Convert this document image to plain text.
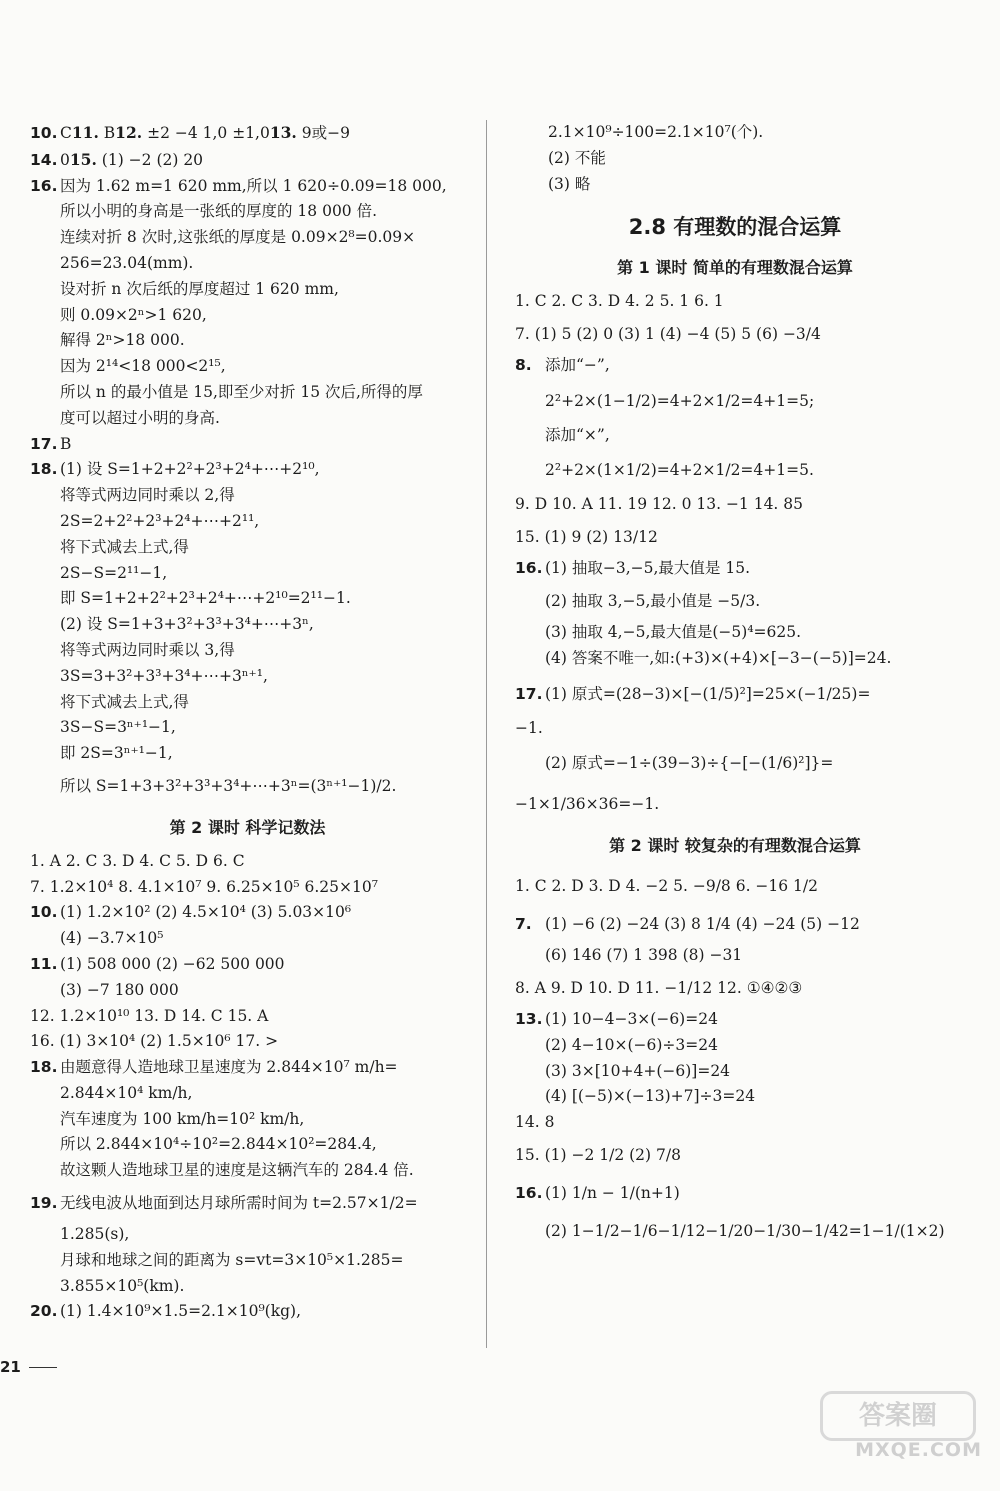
10. C 11.
B 12.
±2 −4 1,0 ±1,0 13.
9或−9
14. 0 15.
(1) −2 (2) 20
16. 因为 1.62 m=1 620 mm,所以 1 620÷0.09=18 000,
所以小明的身高是一张纸的厚度的 18 000 倍.
连续对折 8 次时,这张纸的厚度是 0.09×2⁸=0.09×
256=23.04(mm).
设对折 n 次后纸的厚度超过 1 620 mm,
则 0.09×2ⁿ>1 620,
解得 2ⁿ>18 000.
因为 2¹⁴<18 000<2¹⁵,
所以 n 的最小值是 15,即至少对折 15 次后,所得的厚
度可以超过小明的身高.
17. B
18. (1) 设 S=1+2+2²+2³+2⁴+⋯+2¹⁰,
将等式两边同时乘以 2,得
2S=2+2²+2³+2⁴+⋯+2¹¹,
将下式减去上式,得
2S−S=2¹¹−1,
即 S=1+2+2²+2³+2⁴+⋯+2¹⁰=2¹¹−1.
(2) 设 S=1+3+3²+3³+3⁴+⋯+3ⁿ,
将等式两边同时乘以 3,得
3S=3+3²+3³+3⁴+⋯+3ⁿ⁺¹,
将下式减去上式,得
3S−S=3ⁿ⁺¹−1,
即 2S=3ⁿ⁺¹−1,
所以 S=1+3+3²+3³+3⁴+⋯+3ⁿ=(3ⁿ⁺¹−1)/2.
第 2 课时 科学记数法
1. A 2. C 3. D 4. C 5. D 6. C
7. 1.2×10⁴ 8. 4.1×10⁷ 9. 6.25×10⁵ 6.25×10⁷
10. (1) 1.2×10² (2) 4.5×10⁴ (3) 5.03×10⁶
(4) −3.7×10⁵
11. (1) 508 000 (2) −62 500 000
(3) −7 180 000
12. 1.2×10¹⁰ 13. D 14. C 15. A
16. (1) 3×10⁴ (2) 1.5×10⁶ 17. >
18. 由题意得人造地球卫星速度为 2.844×10⁷ m/h=
2.844×10⁴ km/h,
汽车速度为 100 km/h=10² km/h,
所以 2.844×10⁴÷10²=2.844×10²=284.4,
故这颗人造地球卫星的速度是这辆汽车的 284.4 倍.
19. 无线电波从地面到达月球所需时间为 t=2.57×1/2=
1.285(s),
月球和地球之间的距离为 s=vt=3×10⁵×1.285=
3.855×10⁵(km).
20. (1) 1.4×10⁹×1.5=2.1×10⁹(kg),
2.1×10⁹÷100=2.1×10⁷(个).
(2) 不能
(3) 略
2.8 有理数的混合运算
第 1 课时 简单的有理数混合运算
1. C 2. C 3. D 4. 2 5. 1 6. 1
7. (1) 5 (2) 0 (3) 1 (4) −4 (5) 5 (6) −3/4
8. 添加“−”,
2²+2×(1−1/2)=4+2×1/2=4+1=5;
添加“×”,
2²+2×(1×1/2)=4+2×1/2=4+1=5.
9. D 10. A 11. 19 12. 0 13. −1 14. 85
15. (1) 9 (2) 13/12
16. (1) 抽取−3,−5,最大值是 15.
(2) 抽取 3,−5,最小值是 −5/3.
(3) 抽取 4,−5,最大值是(−5)⁴=625.
(4) 答案不唯一,如:(+3)×(+4)×[−3−(−5)]=24.
17. (1) 原式=(28−3)×[−(1/5)²]=25×(−1/25)=
−1.
(2) 原式=−1÷(39−3)÷{−[−(1/6)²]}=
−1×1/36×36=−1.
第 2 课时 较复杂的有理数混合运算
1. C 2. D 3. D 4. −2 5. −9/8 6. −16 1/2
7. (1) −6 (2) −24 (3) 8 1/4 (4) −24 (5) −12
(6) 146 (7) 1 398 (8) −31
8. A 9. D 10. D 11. −1/12 12. ①④②③
13. (1) 10−4−3×(−6)=24
(2) 4−10×(−6)÷3=24
(3) 3×[10+4+(−6)]=24
(4) [(−5)×(−13)+7]÷3=24
14. 8
15. (1) −2 1/2 (2) 7/8
16. (1) 1/n − 1/(n+1)
(2) 1−1/2−1/6−1/12−1/20−1/30−1/42=1−1/(1×2)
21
答案圈
MXQE.COM
